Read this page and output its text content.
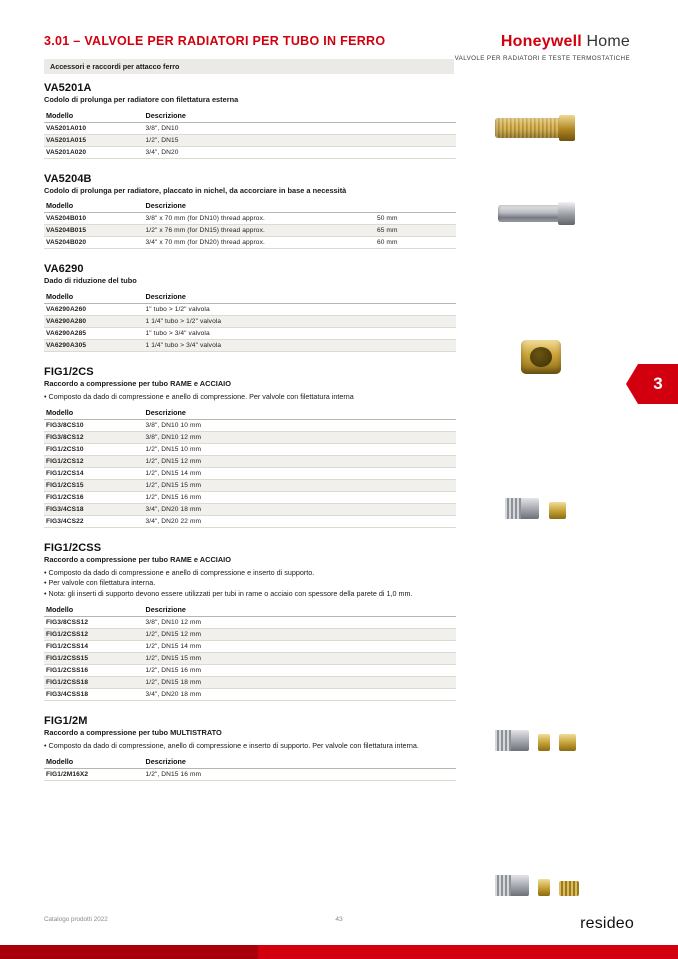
3.01 – VALVOLE PER RADIATORI PER TUBO IN FERRO	Honeywell Home
VALVOLE PER RADIATORI E TESTE TERMOSTATICHE
Accessori e raccordi per attacco ferro
3
VA5201A
Codolo di prolunga per radiatore con filettatura esterna
Modello	Descrizione	
VA5201A010	3/8", DN10	
VA5201A015	1/2", DN15	
VA5201A020	3/4", DN20	
VA5204B
Codolo di prolunga per radiatore, placcato in nichel, da accorciare in base a necessità
Modello	Descrizione	
VA5204B010	3/8" x 70 mm (for DN10) thread approx.	50 mm
VA5204B015	1/2" x 76 mm (for DN15) thread approx.	65 mm
VA5204B020	3/4" x 70 mm (for DN20) thread approx.	60 mm
VA6290
Dado di riduzione del tubo
Modello	Descrizione	
VA6290A260	1" tubo > 1/2" valvola	
VA6290A280	1 1/4" tubo > 1/2" valvola	
VA6290A285	1" tubo > 3/4" valvola	
VA6290A305	1 1/4" tubo > 3/4" valvola	
FIG1/2CS
Raccordo a compressione per tubo RAME e ACCIAIO
• Composto da dado di compressione e anello di compressione. Per valvole con filettatura interna
Modello	Descrizione	
FIG3/8CS10	3/8", DN10 10 mm	
FIG3/8CS12	3/8", DN10 12 mm	
FIG1/2CS10	1/2", DN15 10 mm	
FIG1/2CS12	1/2", DN15 12 mm	
FIG1/2CS14	1/2", DN15 14 mm	
FIG1/2CS15	1/2", DN15 15 mm	
FIG1/2CS16	1/2", DN15 16 mm	
FIG3/4CS18	3/4", DN20 18 mm	
FIG3/4CS22	3/4", DN20 22 mm	
FIG1/2CSS
Raccordo a compressione per tubo RAME e ACCIAIO
• Composto da dado di compressione e anello di compressione e inserto di supporto.
• Per valvole con filettatura interna.
• Nota: gli inserti di supporto devono essere utilizzati per tubi in rame o acciaio con spessore della parete di 1,0 mm.
Modello	Descrizione	
FIG3/8CSS12	3/8", DN10 12 mm	
FIG1/2CSS12	1/2", DN15 12 mm	
FIG1/2CSS14	1/2", DN15 14 mm	
FIG1/2CSS15	1/2", DN15 15 mm	
FIG1/2CSS16	1/2", DN15 16 mm	
FIG1/2CSS18	1/2", DN15 18 mm	
FIG3/4CSS18	3/4", DN20 18 mm	
FIG1/2M
Raccordo a compressione per tubo MULTISTRATO
• Composto da dado di compressione, anello di compressione e inserto di supporto. Per valvole con filettatura interna.
Modello	Descrizione	
FIG1/2M16X2	1/2", DN15 16 mm	
Catalogo prodotti 2022	43	resideo
